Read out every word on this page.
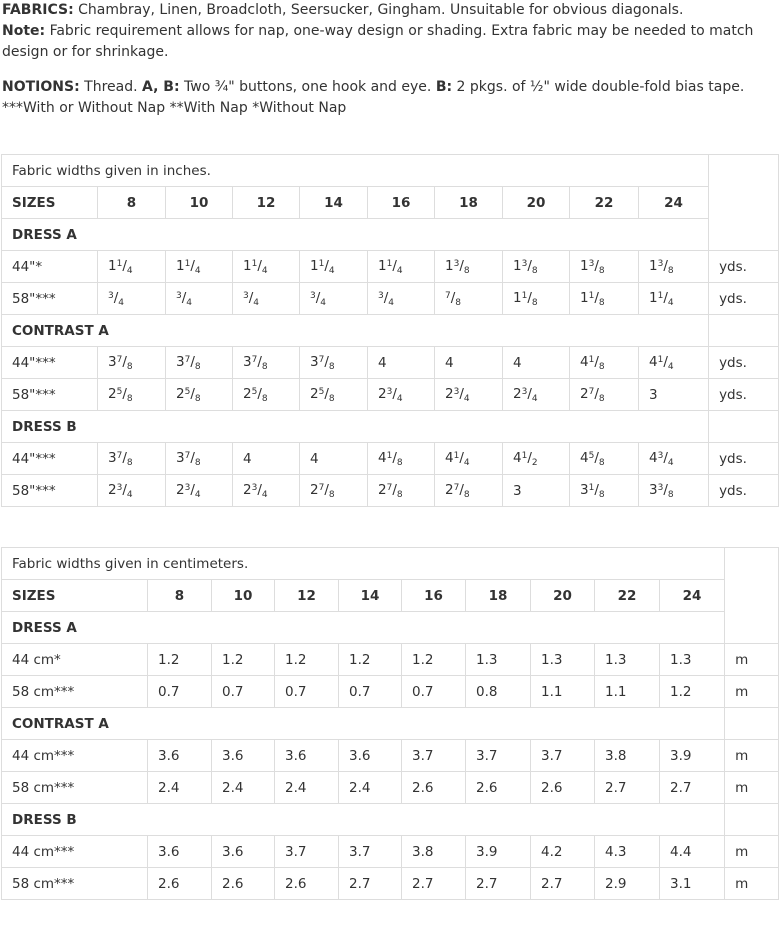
FABRICS: Chambray, Linen, Broadcloth, Seersucker, Gingham. Unsuitable for obvious diagonals.

Note: Fabric requirement allows for nap, one-way design or shading. Extra fabric may be needed to match design or for shrinkage.

NOTIONS: Thread. A, B: Two ¾" buttons, one hook and eye. B: 2 pkgs. of ½" wide double-fold bias tape. ***With or Without Nap **With Nap *Without Nap

Fabric widths given in inches.										
SIZES	8	10	12	14	16	18	20	22	24	
DRESS A										
44"*	$1^1/_4$	$1^1/_4$	$1^1/_4$	$1^1/_4$	$1^1/_4$	$1^3/_8$	$1^3/_8$	$1^3/_8$	$1^3/_8$	yds.
58"***	$^3/_4$	$^3/_4$	$^3/_4$	$^3/_4$	$^3/_4$	$^7/_8$	$1^1/_8$	$1^1/_8$	$1^1/_4$	yds.
CONTRAST A										
44"***	$3^7/_8$	$3^7/_8$	$3^7/_8$	$3^7/_8$	4	4	4	$4^1/_8$	$4^1/_4$	yds.
58"***	$2^5/_8$	$2^5/_8$	$2^5/_8$	$2^5/_8$	$2^3/_4$	$2^3/_4$	$2^3/_4$	$2^7/_8$	3	yds.
DRESS B										
44"***	$3^7/_8$	$3^7/_8$	4	4	$4^1/_8$	$4^1/_4$	$4^1/_2$	$4^5/_8$	$4^3/_4$	yds.
58"***	$2^3/_4$	$2^3/_4$	$2^3/_4$	$2^7/_8$	$2^7/_8$	$2^7/_8$	3	$3^1/_8$	$3^3/_8$	yds.
Fabric widths given in centimeters.										
SIZES	8	10	12	14	16	18	20	22	24	
DRESS A										
44 cm*	1.2	1.2	1.2	1.2	1.2	1.3	1.3	1.3	1.3	m
58 cm***	0.7	0.7	0.7	0.7	0.7	0.8	1.1	1.1	1.2	m
CONTRAST A										
44 cm***	3.6	3.6	3.6	3.6	3.7	3.7	3.7	3.8	3.9	m
58 cm***	2.4	2.4	2.4	2.4	2.6	2.6	2.6	2.7	2.7	m
DRESS B										
44 cm***	3.6	3.6	3.7	3.7	3.8	3.9	4.2	4.3	4.4	m
58 cm***	2.6	2.6	2.6	2.7	2.7	2.7	2.7	2.9	3.1	m
